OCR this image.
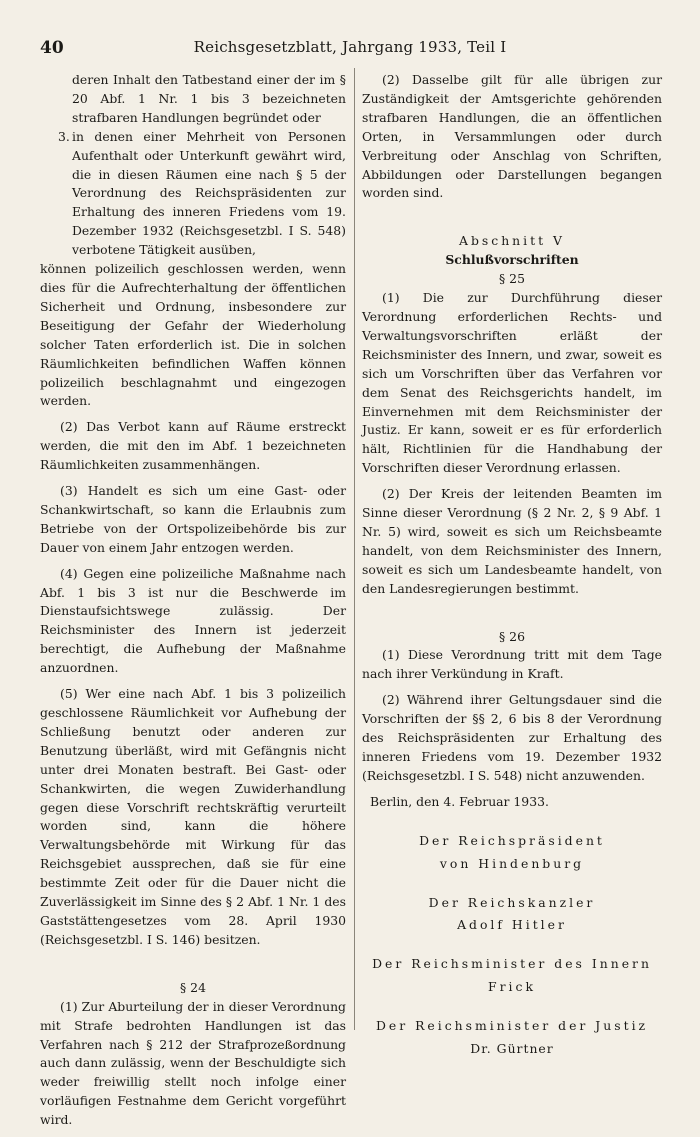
40	Reichsgesetzblatt, Jahrgang 1933, Teil I

deren Inhalt den Tatbestand einer der im § 20 Abf. 1 Nr. 1 bis 3 bezeichneten strafbaren Handlungen begründet oder

3. in denen einer Mehrheit von Personen Aufenthalt oder Unterkunft gewährt wird, die in diesen Räumen eine nach § 5 der Verordnung des Reichspräsidenten zur Erhaltung des inneren Friedens vom 19. Dezember 1932 (Reichsgesetzbl. I S. 548) verbotene Tätigkeit ausüben,

können polizeilich geschlossen werden, wenn dies für die Aufrechterhaltung der öffentlichen Sicherheit und Ordnung, insbesondere zur Beseitigung der Gefahr der Wiederholung solcher Taten erforderlich ist. Die in solchen Räumlichkeiten befindlichen Waffen können polizeilich beschlagnahmt und eingezogen werden.

(2) Das Verbot kann auf Räume erstreckt werden, die mit den im Abf. 1 bezeichneten Räumlichkeiten zusammenhängen.

(3) Handelt es sich um eine Gast- oder Schankwirtschaft, so kann die Erlaubnis zum Betriebe von der Ortspolizeibehörde bis zur Dauer von einem Jahr entzogen werden.

(4) Gegen eine polizeiliche Maßnahme nach Abf. 1 bis 3 ist nur die Beschwerde im Dienstaufsichtswege zulässig. Der Reichsminister des Innern ist jederzeit berechtigt, die Aufhebung der Maßnahme anzuordnen.

(5) Wer eine nach Abf. 1 bis 3 polizeilich geschlossene Räumlichkeit vor Aufhebung der Schließung benutzt oder anderen zur Benutzung überläßt, wird mit Gefängnis nicht unter drei Monaten bestraft. Bei Gast- oder Schankwirten, die wegen Zuwiderhandlung gegen diese Vorschrift rechtskräftig verurteilt worden sind, kann die höhere Verwaltungsbehörde mit Wirkung für das Reichsgebiet aussprechen, daß sie für eine bestimmte Zeit oder für die Dauer nicht die Zuverlässigkeit im Sinne des § 2 Abf. 1 Nr. 1 des Gaststättengesetzes vom 28. April 1930 (Reichsgesetzbl. I S. 146) besitzen.

§ 24

(1) Zur Aburteilung der in dieser Verordnung mit Strafe bedrohten Handlungen ist das Verfahren nach § 212 der Strafprozeßordnung auch dann zulässig, wenn der Beschuldigte sich weder freiwillig stellt noch infolge einer vorläufigen Festnahme dem Gericht vorgeführt wird.

(2) Dasselbe gilt für alle übrigen zur Zuständigkeit der Amtsgerichte gehörenden strafbaren Handlungen, die an öffentlichen Orten, in Versammlungen oder durch Verbreitung oder Anschlag von Schriften, Abbildungen oder Darstellungen begangen worden sind.

Abschnitt V

Schlußvorschriften

§ 25

(1) Die zur Durchführung dieser Verordnung erforderlichen Rechts- und Verwaltungsvorschriften erläßt der Reichsminister des Innern, und zwar, soweit es sich um Vorschriften über das Verfahren vor dem Senat des Reichsgerichts handelt, im Einvernehmen mit dem Reichsminister der Justiz. Er kann, soweit er es für erforderlich hält, Richtlinien für die Handhabung der Vorschriften dieser Verordnung erlassen.

(2) Der Kreis der leitenden Beamten im Sinne dieser Verordnung (§ 2 Nr. 2, § 9 Abf. 1 Nr. 5) wird, soweit es sich um Reichsbeamte handelt, von dem Reichsminister des Innern, soweit es sich um Landesbeamte handelt, von den Landesregierungen bestimmt.

§ 26

(1) Diese Verordnung tritt mit dem Tage nach ihrer Verkündung in Kraft.

(2) Während ihrer Geltungsdauer sind die Vorschriften der §§ 2, 6 bis 8 der Verordnung des Reichspräsidenten zur Erhaltung des inneren Friedens vom 19. Dezember 1932 (Reichsgesetzbl. I S. 548) nicht anzuwenden.

Berlin, den 4. Februar 1933.

Der Reichspräsident

von Hindenburg

Der Reichskanzler

Adolf Hitler

Der Reichsminister des Innern

Frick

Der Reichsminister der Justiz

Dr. Gürtner
